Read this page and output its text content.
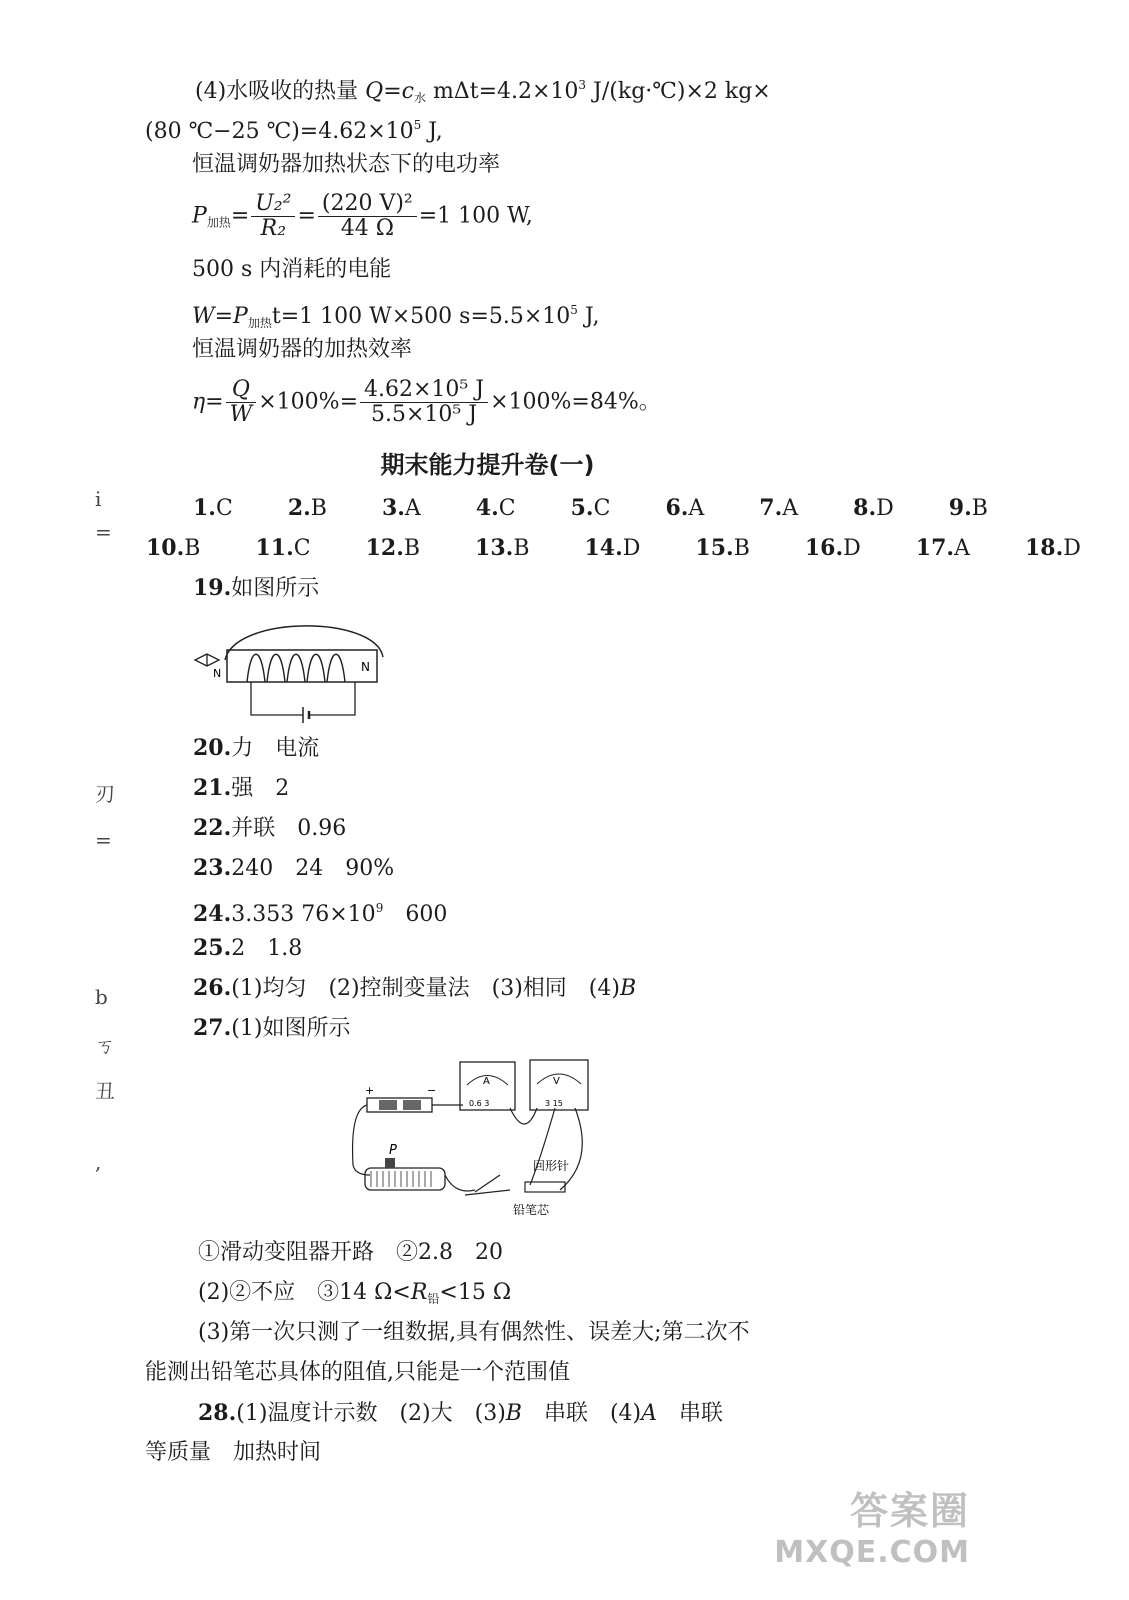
(4)水吸收的热量 $Q=c_水$ $m\Delta t=4.2\times 10^3$ J/(kg·℃)×2 kg×
(80 ℃−25 $℃)=4.62\times 10^5$ J,
恒温调奶器加热状态下的电功率
$P_{加热}= \frac{\text{U₂²}}{\text{R₂}} = \frac{\text{(220 V)²}}{44 \Omega} =1$ 100 W,
500 s 内消耗的电能
$W=P_{加热}t=1$ 100 W×500 $s=5.5\times 10^5$ J,
恒温调奶器的加热效率
$\eta= \frac{Q}{W} \times 100\%= \frac{\text{4.62×10⁵ J}}{\text{5.5×10⁵ J}} \times 100\%=84\%$。
期末能力提升卷(一)
1.C	2.B	3.A	4.C	5.C	6.A	7.A	8.D	9.B
10.B	11.C	12.B	13.B	14.D	15.B	16.D	17.A	18.D
19.如图所示
N
N
20.力　电流
21.强　2
22.并联　0.96
23.240　24　90%
24.3.353 $76\times 10^9$　600
25.2　1.8
26.(1)均匀　(2)控制变量法　(3)相同　(4)B
27.(1)如图所示
+	−
A
0.6 3
V
3 15
P
回形针
铅笔芯
①滑动变阻器开路　②2.8　20
(2)②不应　③14 $\Omega<R_铅<15$ Ω
(3)第一次只测了一组数据,具有偶然性、误差大;第二次不
能测出铅笔芯具体的阻值,只能是一个范围值
28.(1)温度计示数　(2)大　(3)B　串联　(4)A　串联
等质量　加热时间
i
=
刃
=
b
ㄎ
丑
,
答案圈
MXQE.COM
